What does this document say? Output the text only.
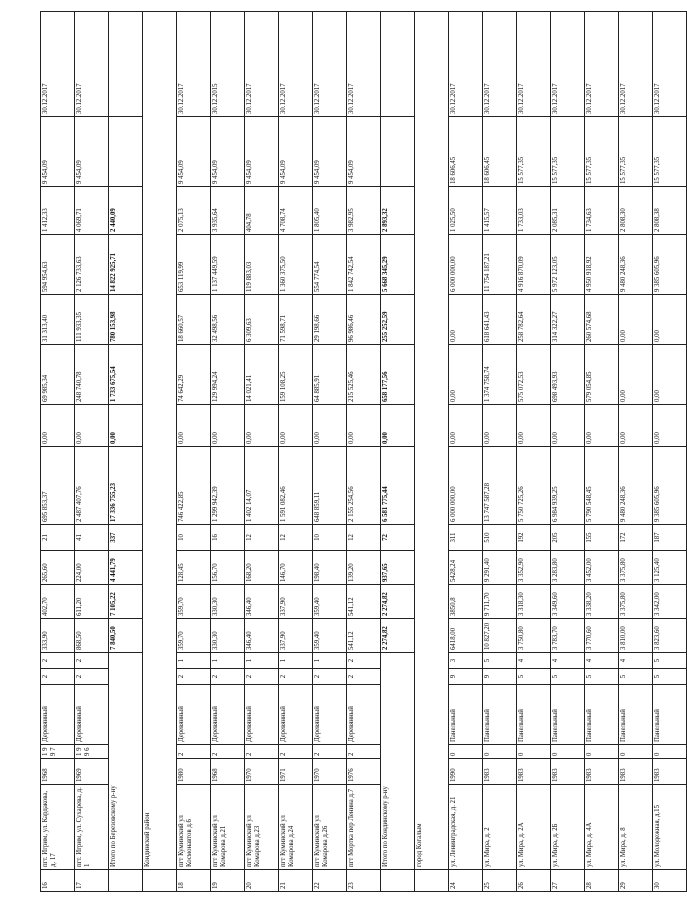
16	пгт. Игрим, ул. Кардакова, д. 17	1968	1 9 9 7	Деревянный	2	2	333,90	402,70	265,60	21	695 853,37	0,00	69 985,34	31 313,40	594 954,63	1 412,33	9 454,09	30.12.2017
17	пгт. Игрим, ул. Сухарева, д. 1	1969	1 9 9 6	Деревянный	2	2	868,50	611,20	224,00	41	2 487 407,76	0,00	248 740,78	111 933,35	2 126 733,63	4 069,71	9 454,09	30.12.2017
	Итого по Березовскому р-ну						7 840,50	7 105,22	4 441,79	337	17 336 755,23	0,00	1 733 675,54	780 153,98	14 822 925,71	2 440,09		
	Кондинский район																	
18	пгт Куминский ул Космонавтов д.6	1980	2	Деревянный	2	1	359,70	359,70	128,45	10	746 422,85	0,00	74 642,29	18 660,57	653 119,99	2 075,13	9 454,09	30.12.2017
19	пгт Куминский ул Комарова д.21	1968	2	Деревянный	2	1	330,30	330,30	156,70	16	1 299 942,39	0,00	129 994,24	32 498,56	1 137 449,59	3 935,64	9 454,09	30.12.2015
20	пгт Куминский ул Комарова д.23	1970	2	Деревянный	2	1	346,40	346,40	168,20	12	1 402 14,07	0,00	14 021,41	6 309,63	119 883,03	404,78	9 454,09	30.12.2017
21	пгт Куминский ул Комарова д.24	1971	2	Деревянный	2	1	337,90	337,90	146,70	12	1 591 082,46	0,00	159 108,25	71 598,71	1 360 375,50	4 708,74	9 454,09	30.12.2017
22	пгт Куминский ул Комарова д.26	1970	2	Деревянный	2	1	359,40	359,40	198,40	10	648 859,11	0,00	64 885,91	29 198,66	554 774,54	1 805,40	9 454,09	30.12.2017
23	пгт Мортка пер Ленина д.7	1976	2	Деревянный	2	2	541,12	541,12	139,20	12	2 155 254,56	0,00	215 525,46	96 986,46	1 842 742,54	3 982,95	9 454,09	30.12.2017
	Итого по Кондинскому р-ну						2 274,82	2 274,82	937,65	72	6 581 775,44	0,00	658 177,56	255 252,59	5 668 345,29	2 893,32		
	город Когалым																	
24	ул. Ленинградская, д. 21	1990	0	Панельный	9	3	6418,00	3850,8	5428,24	311	6 000 000,00	0,00	0,00	0,00	6 000 000,00	1 025,50	18 606,45	30.12.2017
25	ул. Мира, д. 2	1983	0	Панельный	9	5	10 827,20	9 711,70	9 291,40	510	13 747 587,28	0,00	1 374 758,74	618 641,43	11 754 187,21	1 415,57	18 606,45	30.12.2017
26	ул. Мира, д. 2А	1983	0	Панельный	5	4	3 750,80	3 318,30	3 352,90	192	5 750 725,26	0,00	575 072,53	258 782,64	4 916 870,09	1 733,03	15 577,35	30.12.2017
27	ул. Мира, д. 2Б	1983	0	Панельный	5	4	3 783,70	3 349,60	3 283,80	205	6 984 939,25	0,00	698 493,93	314 322,27	5 972 123,05	2 085,31	15 577,35	30.12.2017
28	ул. Мира, д. 4А	1983	0	Панельный	5	4	3 770,60	3 338,20	3 452,00	155	5 790 548,45	0,00	579 054,85	260 574,68	4 950 918,92	1 734,63	15 577,35	30.12.2017
29	ул. Мира, д. 8	1983	0	Панельный	5	4	3 810,00	3 375,80	3 375,80	172	9 480 248,36	0,00	0,00	0,00	9 480 248,36	2 808,30	15 577,35	30.12.2017
30	ул. Молодежная, д.15	1983	0	Панельный	5	5	3 823,60	3 342,00	3 125,40	187	9 385 605,96	0,00	0,00	0,00	9 385 605,96	2 808,38	15 577,35	30.12.2017
